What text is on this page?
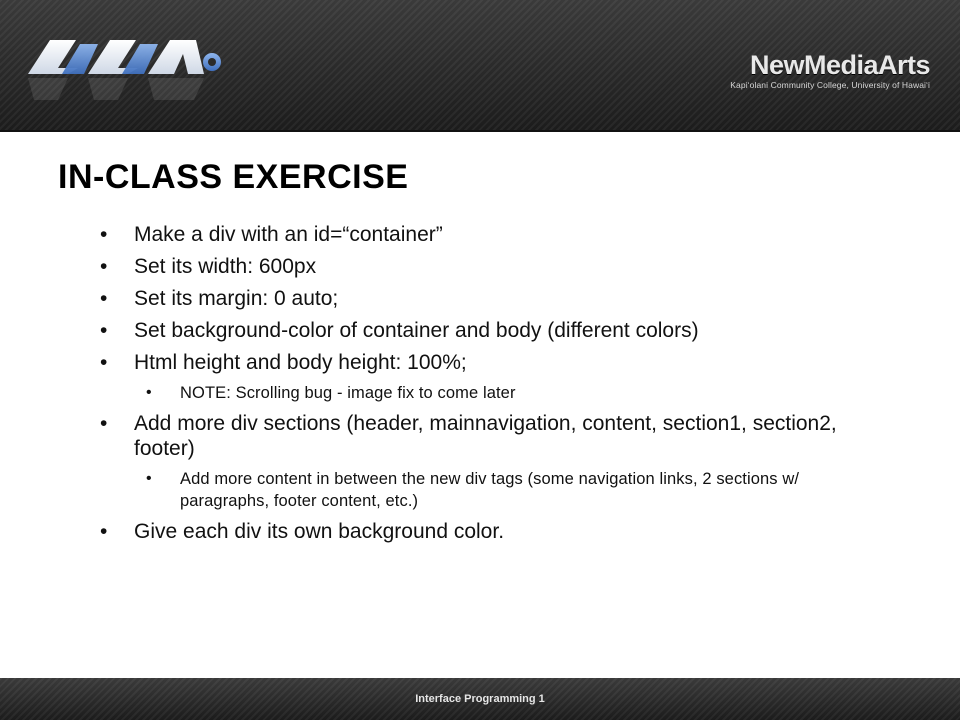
NewMediaArts
Kapi‘olani Community College, University of Hawai‘i
IN-CLASS EXERCISE
• Make a div with an id=“container”
• Set its width: 600px
• Set its margin: 0 auto;
• Set background-color of container and body (different colors)
• Html height and body height: 100%;
• NOTE: Scrolling bug - image fix to come later
• Add more div sections (header, mainnavigation, content, section1, section2, footer)
• Add more content in between the new div tags (some navigation links, 2 sections w/ paragraphs, footer content, etc.)
• Give each div its own background color.
Interface Programming 1
